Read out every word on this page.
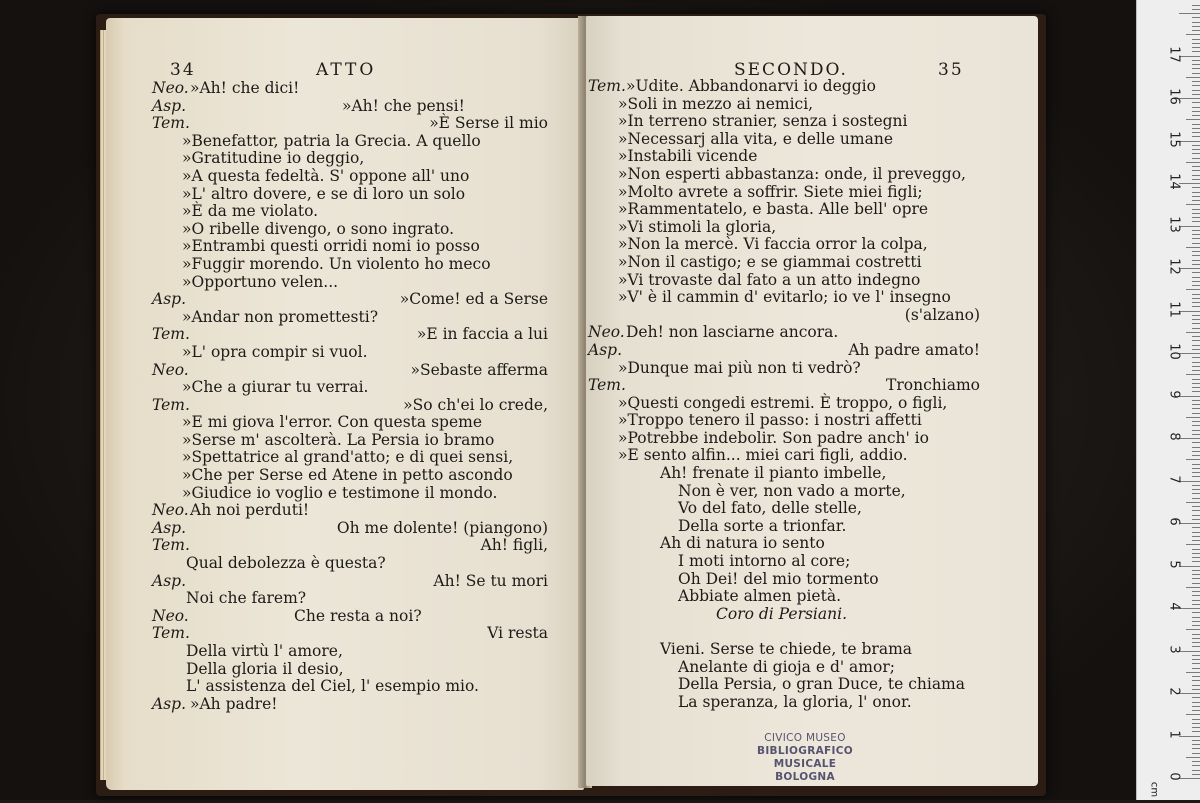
34	ATTO
Neo. »Ah! che dici!
Asp.	»Ah! che pensi!
Tem.	»È Serse il mio
»Benefattor, patria la Grecia. A quello
»Gratitudine io deggio,
»A questa fedeltà. S' oppone all' uno
»L' altro dovere, e se di loro un solo
»È da me violato.
»O ribelle divengo, o sono ingrato.
»Entrambi questi orridi nomi io posso
»Fuggir morendo. Un violento ho meco
»Opportuno velen...
Asp.	»Come! ed a Serse
»Andar non promettesti?
Tem.	»E in faccia a lui
»L' opra compir si vuol.
Neo.	»Sebaste afferma
»Che a giurar tu verrai.
Tem.	»So ch'ei lo crede,
»E mi giova l'error. Con questa speme
»Serse m' ascolterà. La Persia io bramo
»Spettatrice al grand'atto; e di quei sensi,
»Che per Serse ed Atene in petto ascondo
»Giudice io voglio e testimone il mondo.
Neo. Ah noi perduti!
Asp.	Oh me dolente! (piangono)
Tem.	Ah! figli,
Qual debolezza è questa?
Asp.	Ah! Se tu mori
Noi che farem?
Neo.	Che resta a noi?
Tem.	Vi resta
Della virtù l' amore,
Della gloria il desio,
L' assistenza del Ciel, l' esempio mio.
Asp. »Ah padre!
SECONDO.	35
Tem. »Udite. Abbandonarvi io deggio
»Soli in mezzo ai nemici,
»In terreno stranier, senza i sostegni
»Necessarj alla vita, e delle umane
»Instabili vicende
»Non esperti abbastanza: onde, il preveggo,
»Molto avrete a soffrir. Siete miei figli;
»Rammentatelo, e basta. Alle bell' opre
»Vi stimoli la gloria,
»Non la mercè. Vi faccia orror la colpa,
»Non il castigo; e se giammai costretti
»Vi trovaste dal fato a un atto indegno
»V' è il cammin d' evitarlo; io ve l' insegno
(s'alzano)
Neo. Deh! non lasciarne ancora.
Asp.	Ah padre amato!
»Dunque mai più non ti vedrò?
Tem.	Tronchiamo
»Questi congedi estremi. È troppo, o figli,
»Troppo tenero il passo: i nostri affetti
»Potrebbe indebolir. Son padre anch' io
»E sento alfin... miei cari figli, addio.
Ah! frenate il pianto imbelle,
Non è ver, non vado a morte,
Vo del fato, delle stelle,
Della sorte a trionfar.
Ah di natura io sento
I moti intorno al core;
Oh Dei! del mio tormento
Abbiate almen pietà.
Coro di Persiani.
Vieni. Serse te chiede, te brama
Anelante di gioja e d' amor;
Della Persia, o gran Duce, te chiama
La speranza, la gloria, l' onor.
CIVICO MUSEO
BIBLIOGRAFICO MUSICALE
BOLOGNA	0
1
2
3
4
5
6
7
8
9
10
11
12
13
14
15
16
17
cm
